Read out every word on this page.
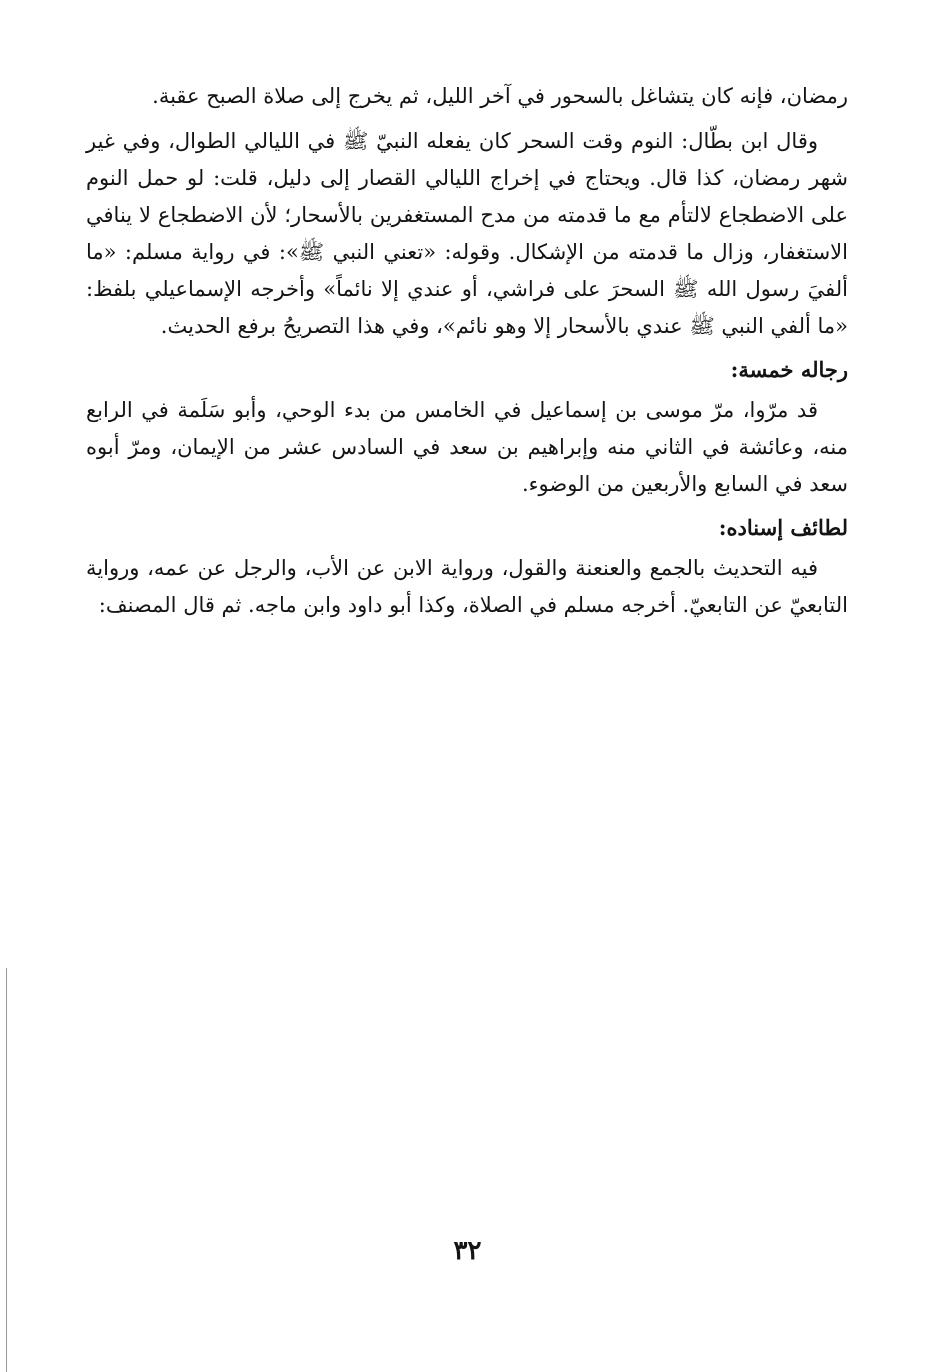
رمضان، فإنه كان يتشاغل بالسحور في آخر الليل، ثم يخرج إلى صلاة الصبح عقبة.

وقال ابن بطّال: النوم وقت السحر كان يفعله النبيّ ﷺ في الليالي الطوال، وفي غير شهر رمضان، كذا قال. ويحتاج في إخراج الليالي القصار إلى دليل، قلت: لو حمل النوم على الاضطجاع لالتأم مع ما قدمته من مدح المستغفرين بالأسحار؛ لأن الاضطجاع لا ينافي الاستغفار، وزال ما قدمته من الإشكال. وقوله: «تعني النبي ﷺ»: في رواية مسلم: «ما ألفيَ رسول الله ﷺ السحرَ على فراشي، أو عندي إلا نائماً» وأخرجه الإسماعيلي بلفظ: «ما ألفي النبي ﷺ عندي بالأسحار إلا وهو نائم»، وفي هذا التصريحُ برفع الحديث.

رجاله خمسة:

قد مرّوا، مرّ موسى بن إسماعيل في الخامس من بدء الوحي، وأبو سَلَمة في الرابع منه، وعائشة في الثاني منه وإبراهيم بن سعد في السادس عشر من الإيمان، ومرّ أبوه سعد في السابع والأربعين من الوضوء.

لطائف إسناده:

فيه التحديث بالجمع والعنعنة والقول، ورواية الابن عن الأب، والرجل عن عمه، ورواية التابعيّ عن التابعيّ. أخرجه مسلم في الصلاة، وكذا أبو داود وابن ماجه. ثم قال المصنف:

٣٢
